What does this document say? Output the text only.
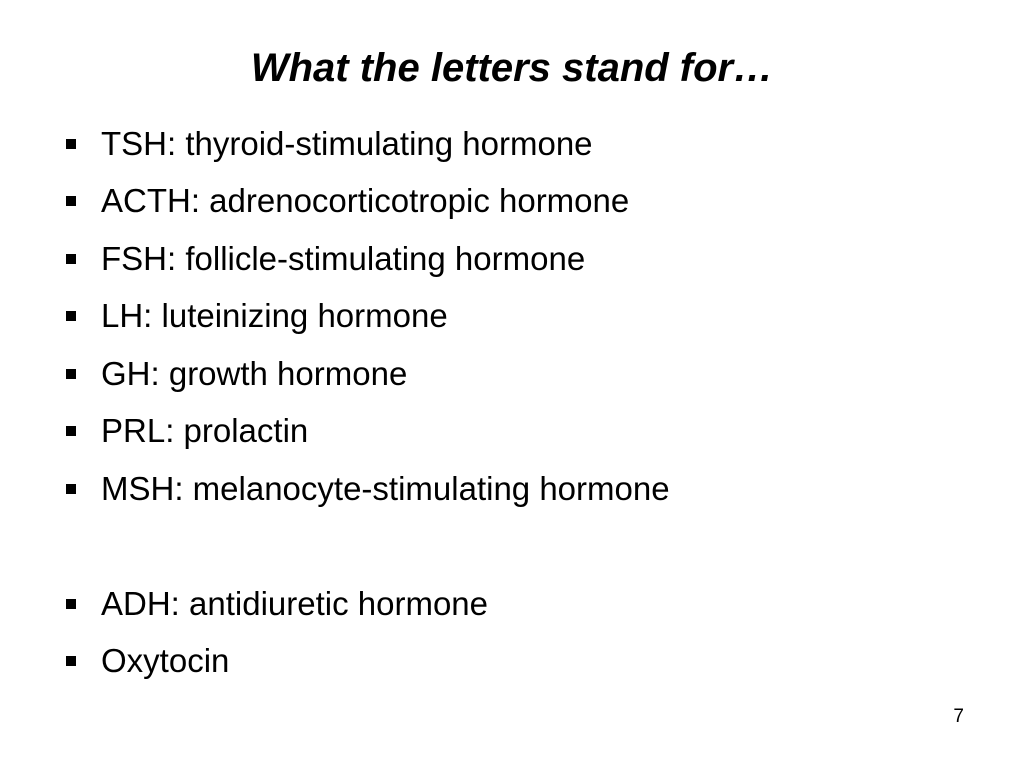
What the letters stand for…
TSH: thyroid-stimulating hormone
ACTH: adrenocorticotropic hormone
FSH: follicle-stimulating hormone
LH: luteinizing hormone
GH: growth hormone
PRL: prolactin
MSH: melanocyte-stimulating hormone
ADH: antidiuretic hormone
Oxytocin
7
